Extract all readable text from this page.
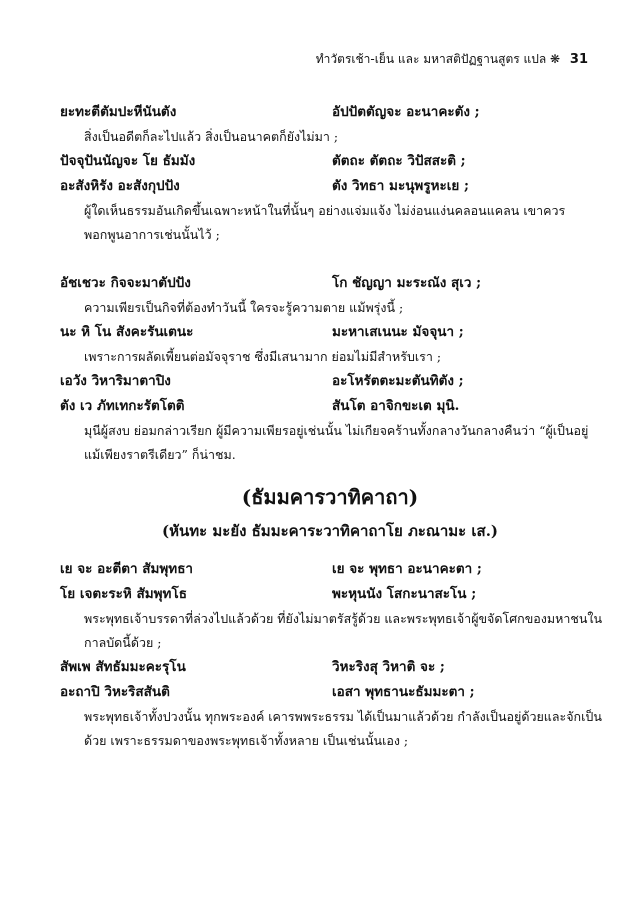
ทำวัตรเช้า-เย็น และ มหาสติปัฏฐานสูตร แปล ❋ 31
ยะทะตีตัมปะหีนันตัง	อัปปัตตัญจะ อะนาคะตัง ;
สิ่งเป็นอดีตก็ละไปแล้ว สิ่งเป็นอนาคตก็ยังไม่มา ;
ปัจจุปันนัญจะ โย ธัมมัง	ตัตถะ ตัตถะ วิปัสสะติ ;
อะสังหิรัง อะสังกุปปัง	ตัง วิทธา มะนุพรูหะเย ;
ผู้ใดเห็นธรรมอันเกิดขึ้นเฉพาะหน้าในที่นั้นๆ อย่างแจ่มแจ้ง ไม่ง่อนแง่นคลอนแคลน เขาควรพอกพูนอาการเช่นนั้นไว้ ;
อัชเชวะ กิจจะมาตัปปัง	โก ชัญญา มะระณัง สุเว ;
ความเพียรเป็นกิจที่ต้องทำวันนี้ ใครจะรู้ความตาย แม้พรุ่งนี้ ;
นะ หิ โน สังคะรันเตนะ	มะหาเสเนนะ มัจจุนา ;
เพราะการผลัดเพี้ยนต่อมัจจุราช ซึ่งมีเสนามาก ย่อมไม่มีสำหรับเรา ;
เอวัง วิหาริมาตาปิง	อะโหรัตตะมะตันทิตัง ;
ตัง เว ภัทเทกะรัตโตติ	สันโต อาจิกขะเต มุนิ.
มุนีผู้สงบ ย่อมกล่าวเรียก ผู้มีความเพียรอยู่เช่นนั้น ไม่เกียจคร้านทั้งกลางวันกลางคืนว่า “ผู้เป็นอยู่แม้เพียงราตรีเดียว” ก็น่าชม.
(ธัมมคารวาทิคาถา)
(หันทะ มะยัง ธัมมะคาระวาทิคาถาโย ภะณามะ เส.)
เย จะ อะตีตา สัมพุทธา	เย จะ พุทธา อะนาคะตา ;
โย เจตะระหิ สัมพุทโธ	พะหุนนัง โสกะนาสะโน ;
พระพุทธเจ้าบรรดาที่ล่วงไปแล้วด้วย ที่ยังไม่มาตรัสรู้ด้วย และพระพุทธเจ้าผู้ขจัดโศกของมหาชนในกาลบัดนี้ด้วย ;
สัพเพ สัทธัมมะคะรุโน	วิหะริงสุ วิหาติ จะ ;
อะถาปิ วิหะริสสันติ	เอสา พุทธานะธัมมะตา ;
พระพุทธเจ้าทั้งปวงนั้น ทุกพระองค์ เคารพพระธรรม ได้เป็นมาแล้วด้วย กำลังเป็นอยู่ด้วยและจักเป็นด้วย เพราะธรรมดาของพระพุทธเจ้าทั้งหลาย เป็นเช่นนั้นเอง ;
